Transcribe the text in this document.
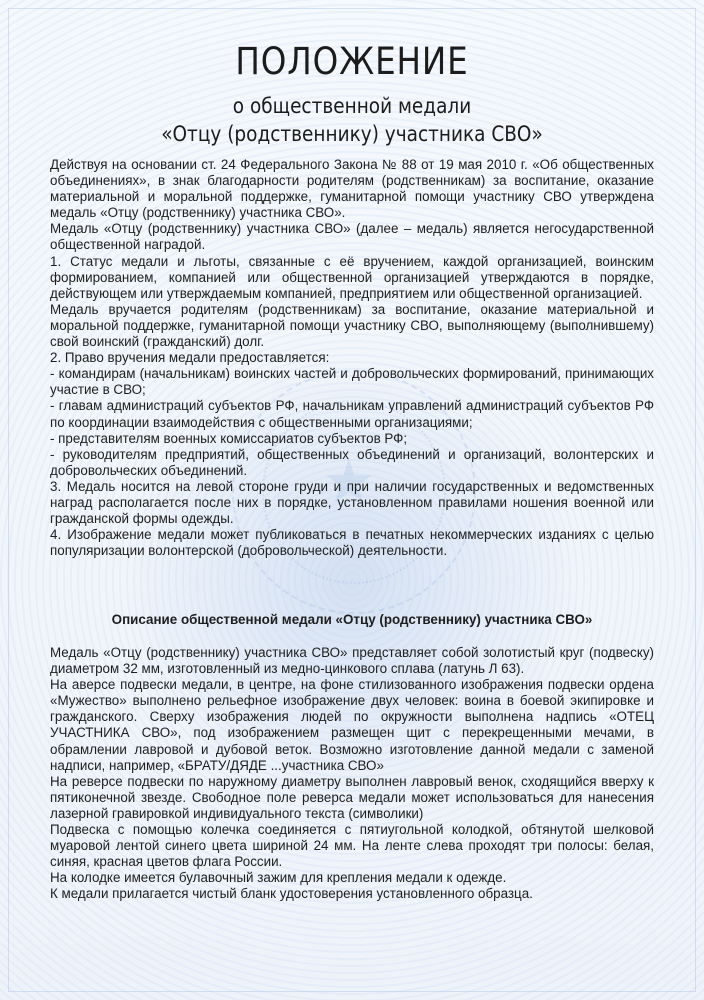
★
ПОЛОЖЕНИЕ
о общественной медали
«Отцу (родственнику) участника СВО»

Действуя на основании ст. 24 Федерального Закона № 88 от 19 мая 2010 г. «Об общественных объединениях», в знак благодарности родителям (родственникам) за воспитание, оказание материальной и моральной поддержке, гуманитарной помощи участнику СВО утверждена медаль «Отцу (родственнику) участника СВО».

Медаль «Отцу (родственнику) участника СВО» (далее – медаль) является негосударственной общественной наградой.

1. Статус медали и льготы, связанные с её вручением, каждой организацией, воинским формированием, компанией или общественной организацией утверждаются в порядке, действующем или утверждаемым компанией, предприятием или общественной организацией.

Медаль вручается родителям (родственникам) за воспитание, оказание материальной и моральной поддержке, гуманитарной помощи участнику СВО, выполняющему (выполнившему) свой воинский (гражданский) долг.

2. Право вручения медали предоставляется:

- командирам (начальникам) воинских частей и добровольческих формирований, принимающих участие в СВО;

- главам администраций субъектов РФ, начальникам управлений администраций субъектов РФ по координации взаимодействия с общественными организациями;

- представителям военных комиссариатов субъектов РФ;

- руководителям предприятий, общественных объединений и организаций, волонтерских и добровольческих объединений.

3. Медаль носится на левой стороне груди и при наличии государственных и ведомственных наград располагается после них в порядке, установленном правилами ношения военной или гражданской формы одежды.

4. Изображение медали может публиковаться в печатных некоммерческих изданиях с целью популяризации волонтерской (добровольческой) деятельности.

Описание общественной медали «Отцу (родственнику) участника СВО»

Медаль «Отцу (родственнику) участника СВО» представляет собой золотистый круг (подвеску) диаметром 32 мм, изготовленный из медно-цинкового сплава (латунь Л 63).

На аверсе подвески медали, в центре, на фоне стилизованного изображения подвески ордена «Мужество» выполнено рельефное изображение двух человек: воина в боевой экипировке и гражданского. Сверху изображения людей по окружности выполнена надпись «ОТЕЦ УЧАСТНИКА СВО», под изображением размещен щит с перекрещенными мечами, в обрамлении лавровой и дубовой веток. Возможно изготовление данной медали с заменой надписи, например, «БРАТУ/ДЯДЕ ...участника СВО»

На реверсе подвески по наружному диаметру выполнен лавровый венок, сходящийся вверху к пятиконечной звезде. Свободное поле реверса медали может использоваться для нанесения лазерной гравировкой индивидуального текста (символики)

Подвеска с помощью колечка соединяется с пятиугольной колодкой, обтянутой шелковой муаровой лентой синего цвета шириной 24 мм. На ленте слева проходят три полосы: белая, синяя, красная цветов флага России.

На колодке имеется булавочный зажим для крепления медали к одежде.

К медали прилагается чистый бланк удостоверения установленного образца.
